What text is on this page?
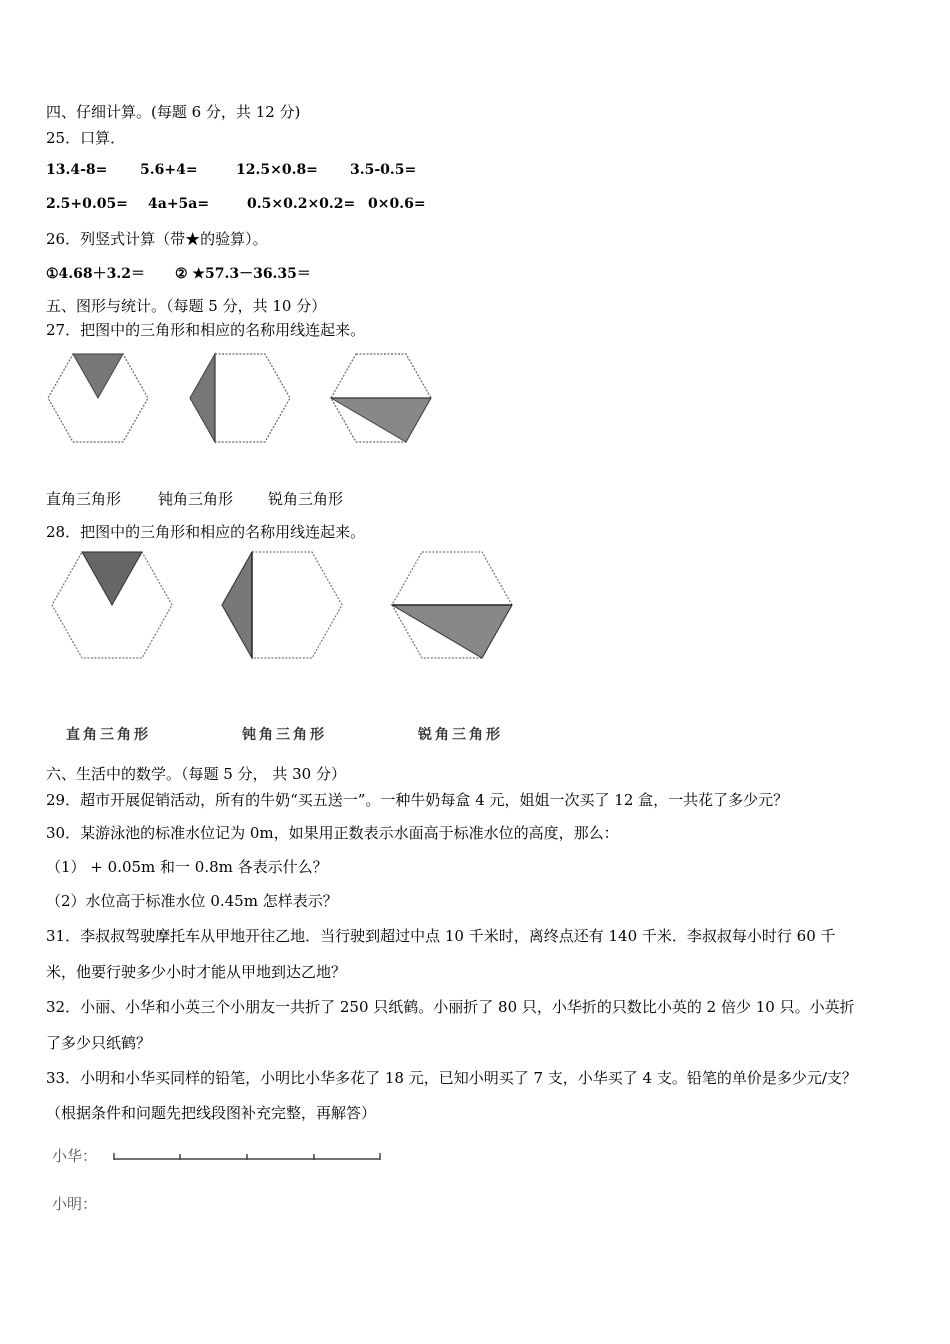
四、仔细计算。(每题 6 分，共 12 分)
25．口算．
13.4-8= 5.6+4=	12.5×0.8= 3.5-0.5=
2.5+0.05= 4a+5a=	0.5×0.2×0.2= 0×0.6=
26．列竖式计算（带★的验算）。
①4.68＋3.2＝ ② ★57.3－36.35＝
五、图形与统计。（每题 5 分，共 10 分）
27．把图中的三角形和相应的名称用线连起来。
直角三角形 钝角三角形 锐角三角形
28．把图中的三角形和相应的名称用线连起来。
直角三角形	钝角三角形	锐角三角形
六、生活中的数学。（每题 5 分， 共 30 分）
29．超市开展促销活动，所有的牛奶“买五送一”。一种牛奶每盒 4 元，姐姐一次买了 12 盒，一共花了多少元？
30．某游泳池的标准水位记为 0m，如果用正数表示水面高于标准水位的高度，那么：
（1） + 0.05m 和一 0.8m 各表示什么？
（2）水位高于标准水位 0.45m 怎样表示？
31．李叔叔驾驶摩托车从甲地开往乙地．当行驶到超过中点 10 千米时，离终点还有 140 千米．李叔叔每小时行 60 千
米，他要行驶多少小时才能从甲地到达乙地？
32．小丽、小华和小英三个小朋友一共折了 250 只纸鹤。小丽折了 80 只，小华折的只数比小英的 2 倍少 10 只。小英折
了多少只纸鹤？
33．小明和小华买同样的铅笔，小明比小华多花了 18 元，已知小明买了 7 支，小华买了 4 支。铅笔的单价是多少元/支？
（根据条件和问题先把线段图补充完整，再解答）
小华：
小明：
